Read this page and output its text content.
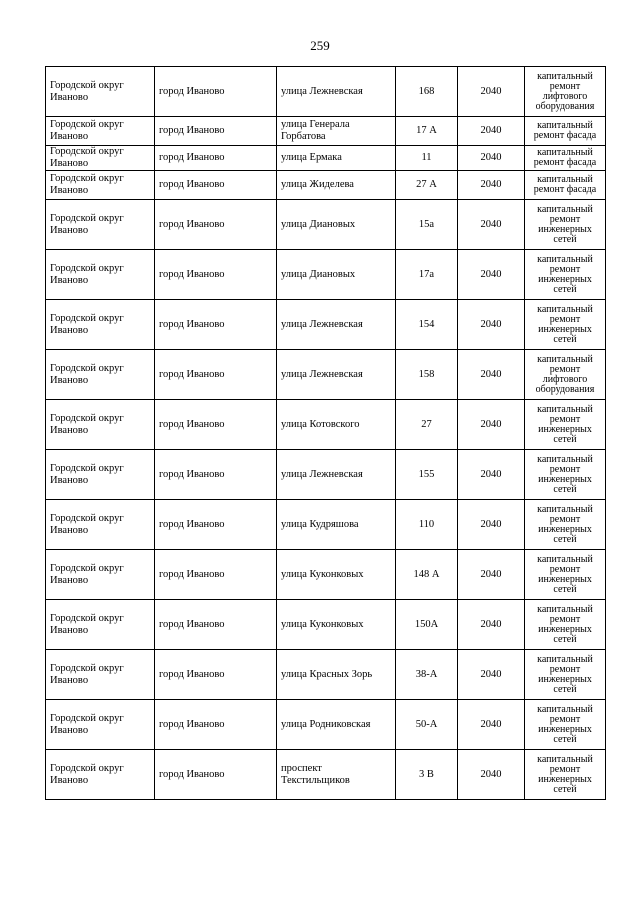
259
Городской округ
Иваново	город Иваново	улица Лежневская	168	2040	капитальный
ремонт
лифтового
оборудования

Городской округ
Иваново	город Иваново	улица Генерала
Горбатова	17 А	2040	капитальный
ремонт фасада

Городской округ
Иваново	город Иваново	улица Ермака	11	2040	капитальный
ремонт фасада

Городской округ
Иваново	город Иваново	улица Жиделева	27 А	2040	капитальный
ремонт фасада

Городской округ
Иваново	город Иваново	улица Диановых	15а	2040	капитальный
ремонт
инженерных
сетей

Городской округ
Иваново	город Иваново	улица Диановых	17а	2040	капитальный
ремонт
инженерных
сетей

Городской округ
Иваново	город Иваново	улица Лежневская	154	2040	капитальный
ремонт
инженерных
сетей

Городской округ
Иваново	город Иваново	улица Лежневская	158	2040	капитальный
ремонт
лифтового
оборудования

Городской округ
Иваново	город Иваново	улица Котовского	27	2040	капитальный
ремонт
инженерных
сетей

Городской округ
Иваново	город Иваново	улица Лежневская	155	2040	капитальный
ремонт
инженерных
сетей

Городской округ
Иваново	город Иваново	улица Кудряшова	110	2040	капитальный
ремонт
инженерных
сетей

Городской округ
Иваново	город Иваново	улица Куконковых	148 А	2040	капитальный
ремонт
инженерных
сетей

Городской округ
Иваново	город Иваново	улица Куконковых	150А	2040	капитальный
ремонт
инженерных
сетей

Городской округ
Иваново	город Иваново	улица Красных Зорь	38-А	2040	капитальный
ремонт
инженерных
сетей

Городской округ
Иваново	город Иваново	улица Родниковская	50-А	2040	капитальный
ремонт
инженерных
сетей

Городской округ
Иваново	город Иваново	проспект
Текстильщиков	3 В	2040	капитальный
ремонт
инженерных
сетей
